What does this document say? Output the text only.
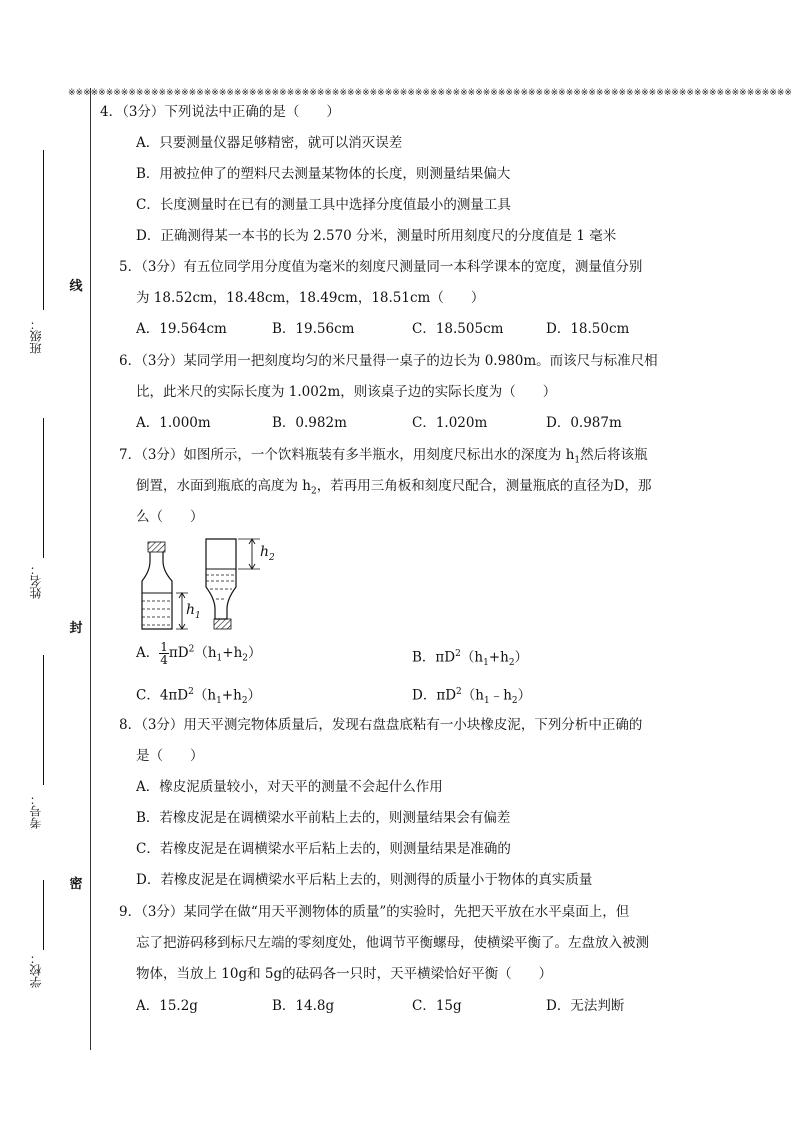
班级：
姓名：
考号：
学校：
※※※※※※※※※※※※※※※※※※※※※※※※※※※※※※※※※※※※※※※※※※※※※※※※※※※※※※※※※※※※※※※※※※※※※※※※※※※※※※※※※※※※※※※※※※※※※※※※
线
封
密
4．（3分）下列说法中正确的是（　　）
A．只要测量仪器足够精密，就可以消灭误差
B．用被拉伸了的塑料尺去测量某物体的长度，则测量结果偏大
C．长度测量时在已有的测量工具中选择分度值最小的测量工具
D．正确测得某一本书的长为 2.570 分米，测量时所用刻度尺的分度值是 1 毫米
5．（3分）有五位同学用分度值为毫米的刻度尺测量同一本科学课本的宽度，测量值分别
为 18.52cm，18.48cm，18.49cm，18.51cm（　　）
A．19.564cm	B．19.56cm	C．18.505cm	D．18.50cm
6．（3分）某同学用一把刻度均匀的米尺量得一桌子的边长为 0.980m。而该尺与标准尺相
比，此米尺的实际长度为 1.002m，则该桌子边的实际长度为（　　）
A．1.000m	B．0.982m	C．1.020m	D．0.987m
7．（3分）如图所示，一个饮料瓶装有多半瓶水，用刻度尺标出水的深度为 $h_1$然后将该瓶
倒置，水面到瓶底的高度为 $h_2$，若再用三角板和刻度尺配合，测量瓶底的直径为D，那
么（　　）
$h_1$
$h_2$
A． $\frac{1}{4} \pi D^2(h_1+h_2)$	B．$\pi D^2(h_1+h_2)$
C．$4\pi D^2(h_1+h_2)$	D．$\pi D^2(h_1﹣h_2)$
8．（3分）用天平测完物体质量后，发现右盘盘底粘有一小块橡皮泥，下列分析中正确的
是（　　）
A．橡皮泥质量较小，对天平的测量不会起什么作用
B．若橡皮泥是在调横梁水平前粘上去的，则测量结果会有偏差
C．若橡皮泥是在调横梁水平后粘上去的，则测量结果是准确的
D．若橡皮泥是在调横梁水平后粘上去的，则测得的质量小于物体的真实质量
9．（3分）某同学在做“用天平测物体的质量”的实验时，先把天平放在水平桌面上，但
忘了把游码移到标尺左端的零刻度处，他调节平衡螺母，使横梁平衡了。左盘放入被测
物体，当放上 10g和 5g的砝码各一只时，天平横梁恰好平衡（　　）
A．15.2g	B．14.8g	C．15g	D．无法判断
